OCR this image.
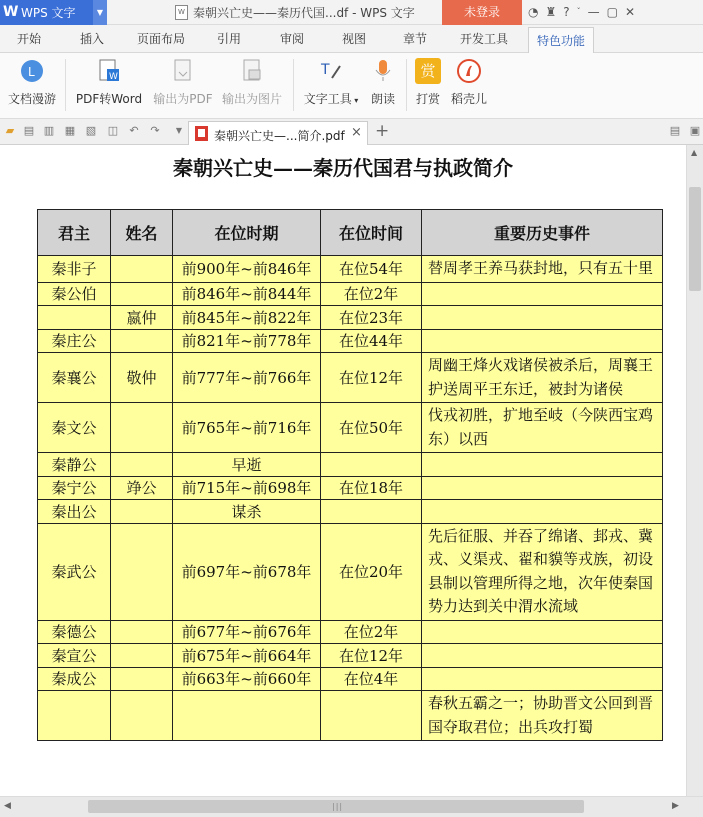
W WPS 文字	▼	W 秦朝兴亡史——秦历代国...df - WPS 文字	未登录	◔ ♜ ? ˇ — ▢ ✕
开始	插入	页面布局	引用	审阅	视图	章节	开发工具	特色功能
L
文档漫游
W
PDF转Word 输出为PDF 输出为图片
T
文字工具 ▾ 朗读
赏
打赏 稻壳儿
▰ ▤ ▥ ▦ ▧ ◫ ↶ ↷	▼	秦朝兴亡史—...简介.pdf × +	▤ ▣
秦朝兴亡史——秦历代国君与执政简介
君主	姓名	在位时期	在位时间	重要历史事件
秦非子		前900年~前846年	在位54年	替周孝王养马获封地，只有五十里
秦公伯		前846年~前844年	在位2年	
	嬴仲	前845年~前822年	在位23年	
秦庄公		前821年~前778年	在位44年	
秦襄公	敬仲	前777年~前766年	在位12年	周幽王烽火戏诸侯被杀后，周襄王护送周平王东迁，被封为诸侯
秦文公		前765年~前716年	在位50年	伐戎初胜，扩地至岐（今陕西宝鸡东）以西
秦静公		早逝		
秦宁公	竫公	前715年~前698年	在位18年	
秦出公		谋杀		
秦武公		前697年~前678年	在位20年	先后征服、并吞了绵诸、邽戎、冀戎、义渠戎、翟和貘等戎族，初设县制以管理所得之地，次年使秦国势力达到关中渭水流域
秦德公		前677年~前676年	在位2年	
秦宣公		前675年~前664年	在位12年	
秦成公		前663年~前660年	在位4年	
				春秋五霸之一；协助晋文公回到晋国夺取君位；出兵攻打蜀
▲
◀	|||	▶
